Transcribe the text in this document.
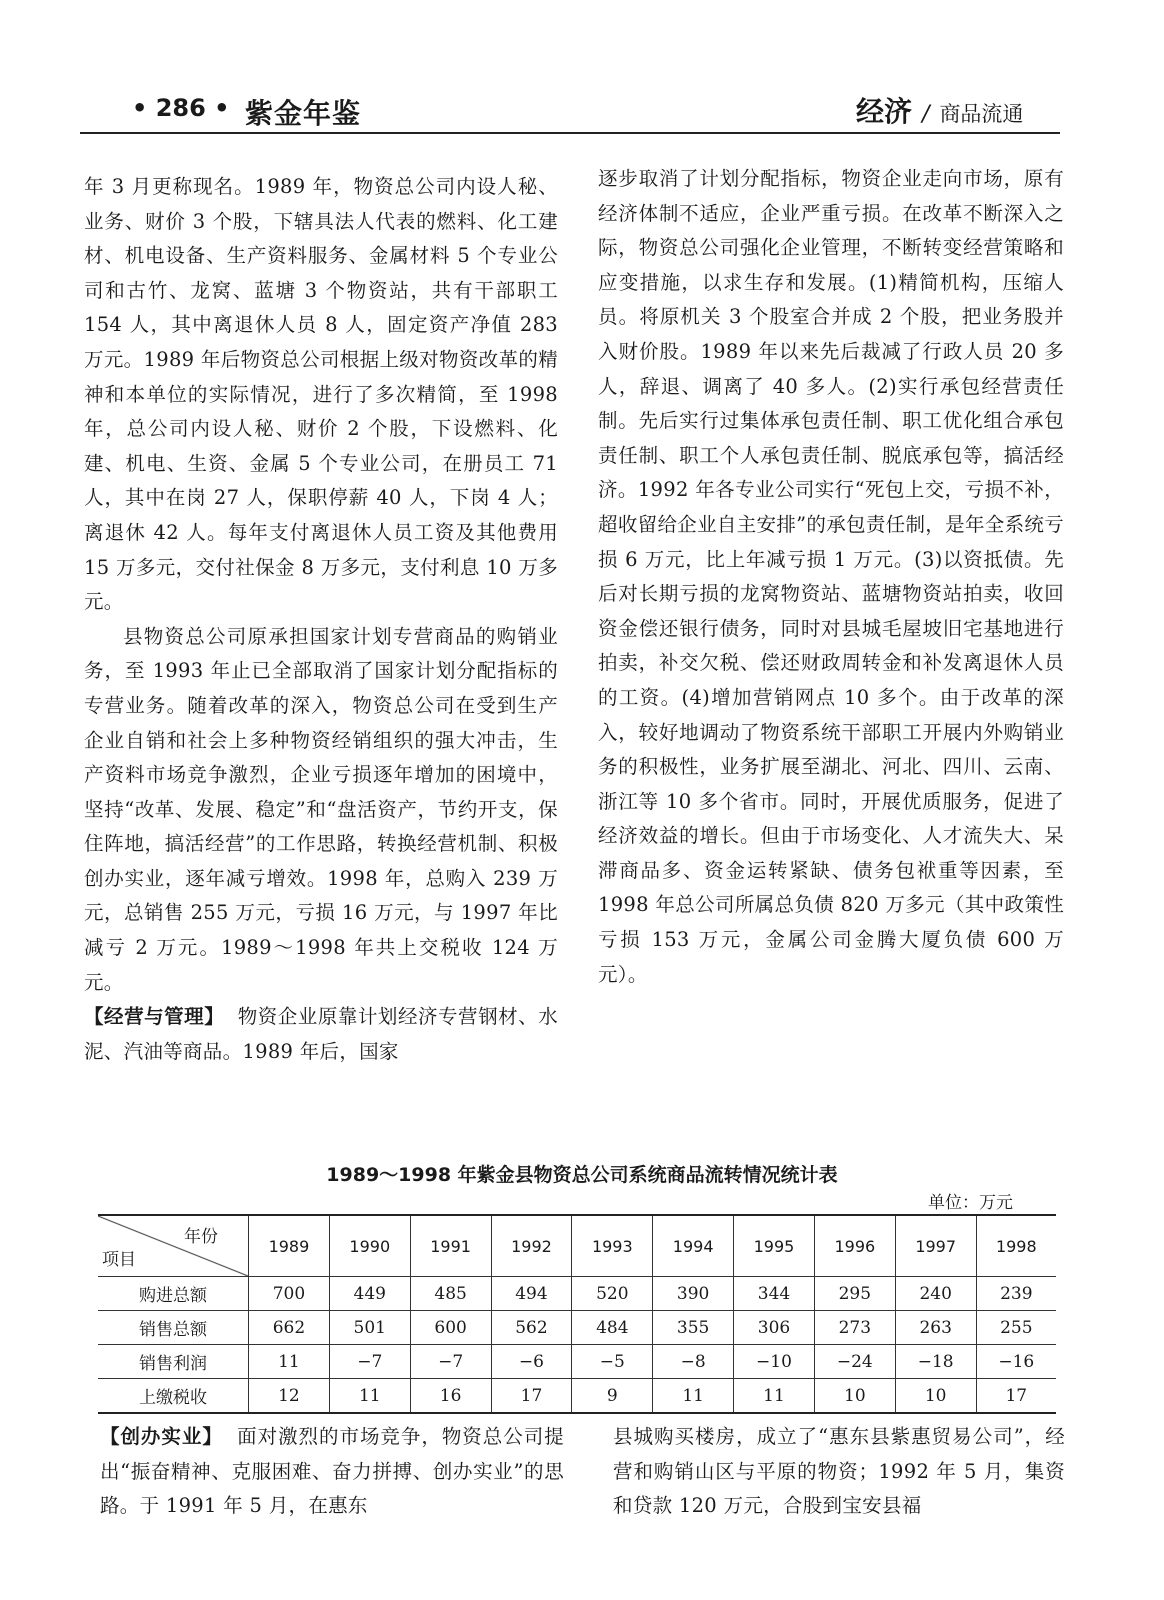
• 286 • 紫金年鉴	经济 / 商品流通

年 3 月更称现名。1989 年，物资总公司内设人秘、业务、财价 3 个股，下辖具法人代表的燃料、化工建材、机电设备、生产资料服务、金属材料 5 个专业公司和古竹、龙窝、蓝塘 3 个物资站，共有干部职工 154 人，其中离退休人员 8 人，固定资产净值 283 万元。1989 年后物资总公司根据上级对物资改革的精神和本单位的实际情况，进行了多次精简，至 1998 年，总公司内设人秘、财价 2 个股，下设燃料、化建、机电、生资、金属 5 个专业公司，在册员工 71 人，其中在岗 27 人，保职停薪 40 人，下岗 4 人；离退休 42 人。每年支付离退休人员工资及其他费用 15 万多元，交付社保金 8 万多元，支付利息 10 万多元。

县物资总公司原承担国家计划专营商品的购销业务，至 1993 年止已全部取消了国家计划分配指标的专营业务。随着改革的深入，物资总公司在受到生产企业自销和社会上多种物资经销组织的强大冲击，生产资料市场竞争激烈，企业亏损逐年增加的困境中，坚持“改革、发展、稳定”和“盘活资产，节约开支，保住阵地，搞活经营”的工作思路，转换经营机制、积极创办实业，逐年减亏增效。1998 年，总购入 239 万元，总销售 255 万元，亏损 16 万元，与 1997 年比减亏 2 万元。1989～1998 年共上交税收 124 万元。

【经营与管理】 物资企业原靠计划经济专营钢材、水泥、汽油等商品。1989 年后，国家

逐步取消了计划分配指标，物资企业走向市场，原有经济体制不适应，企业严重亏损。在改革不断深入之际，物资总公司强化企业管理，不断转变经营策略和应变措施，以求生存和发展。(1)精简机构，压缩人员。将原机关 3 个股室合并成 2 个股，把业务股并入财价股。1989 年以来先后裁减了行政人员 20 多人，辞退、调离了 40 多人。(2)实行承包经营责任制。先后实行过集体承包责任制、职工优化组合承包责任制、职工个人承包责任制、脱底承包等，搞活经济。1992 年各专业公司实行“死包上交，亏损不补，超收留给企业自主安排”的承包责任制，是年全系统亏损 6 万元，比上年减亏损 1 万元。(3)以资抵债。先后对长期亏损的龙窝物资站、蓝塘物资站拍卖，收回资金偿还银行债务，同时对县城毛屋坡旧宅基地进行拍卖，补交欠税、偿还财政周转金和补发离退休人员的工资。(4)增加营销网点 10 多个。由于改革的深入，较好地调动了物资系统干部职工开展内外购销业务的积极性，业务扩展至湖北、河北、四川、云南、浙江等 10 多个省市。同时，开展优质服务，促进了经济效益的增长。但由于市场变化、人才流失大、呆滞商品多、资金运转紧缺、债务包袱重等因素，至 1998 年总公司所属总负债 820 万多元（其中政策性亏损 153 万元，金属公司金腾大厦负债 600 万元）。

1989～1998 年紫金县物资总公司系统商品流转情况统计表
单位：万元
年份
项目	1989	1990	1991	1992	1993	1994	1995	1996	1997	1998
购进总额	700	449	485	494	520	390	344	295	240	239
销售总额	662	501	600	562	484	355	306	273	263	255
销售利润	11	−7	−7	−6	−5	−8	−10	−24	−18	−16
上缴税收	12	11	16	17	9	11	11	10	10	17

【创办实业】 面对激烈的市场竞争，物资总公司提出“振奋精神、克服困难、奋力拼搏、创办实业”的思路。于 1991 年 5 月，在惠东

县城购买楼房，成立了“惠东县紫惠贸易公司”，经营和购销山区与平原的物资；1992 年 5 月，集资和贷款 120 万元，合股到宝安县福
